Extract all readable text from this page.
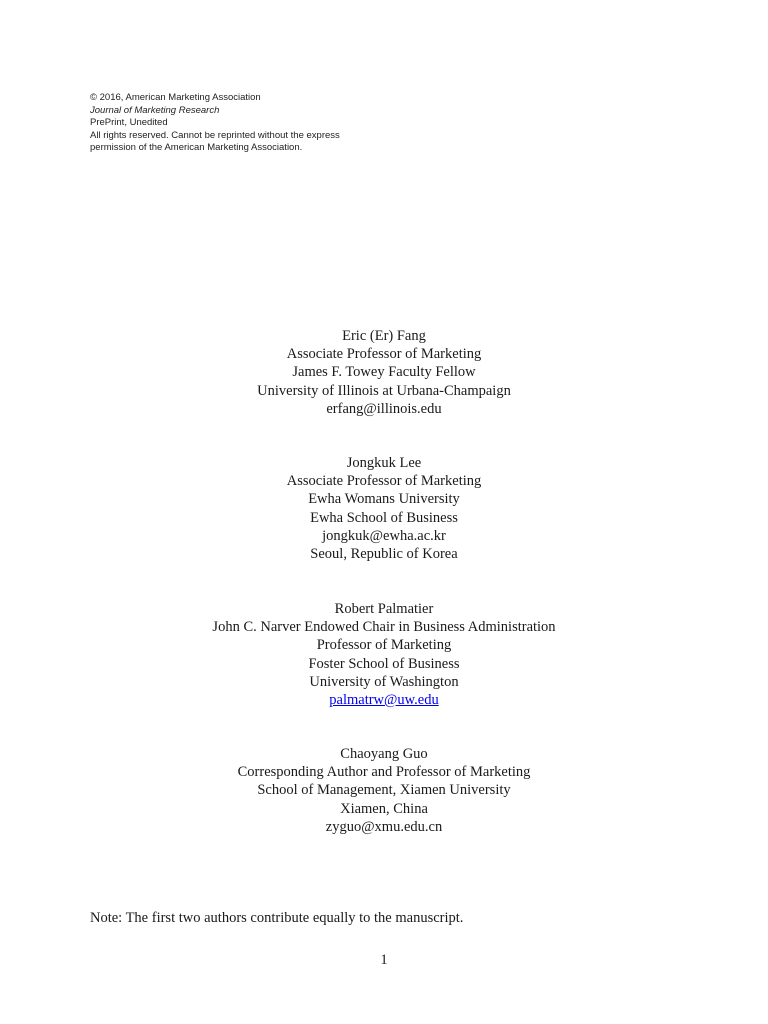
© 2016, American Marketing Association
Journal of Marketing Research
PrePrint, Unedited
All rights reserved. Cannot be reprinted without the express
permission of the American Marketing Association.
Eric (Er) Fang
Associate Professor of Marketing
James F. Towey Faculty Fellow
University of Illinois at Urbana-Champaign
erfang@illinois.edu
Jongkuk Lee
Associate Professor of Marketing
Ewha Womans University
Ewha School of Business
jongkuk@ewha.ac.kr
Seoul, Republic of Korea
Robert Palmatier
John C. Narver Endowed Chair in Business Administration
Professor of Marketing
Foster School of Business
University of Washington
palmatrw@uw.edu
Chaoyang Guo
Corresponding Author and Professor of Marketing
School of Management, Xiamen University
Xiamen, China
zyguo@xmu.edu.cn
Note: The first two authors contribute equally to the manuscript.
1
